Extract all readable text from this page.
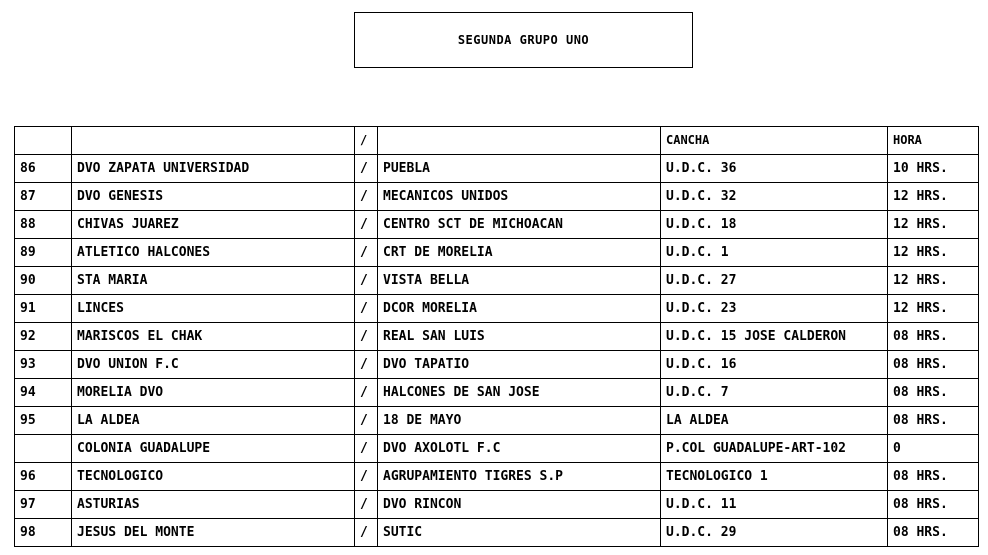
SEGUNDA GRUPO UNO
		/		CANCHA	HORA
86	DVO ZAPATA UNIVERSIDAD	/	PUEBLA	U.D.C. 36	10 HRS.
87	DVO GENESIS	/	MECANICOS UNIDOS	U.D.C. 32	12 HRS.
88	CHIVAS JUAREZ	/	CENTRO SCT DE MICHOACAN	U.D.C. 18	12 HRS.
89	ATLETICO HALCONES	/	CRT DE MORELIA	U.D.C. 1	12 HRS.
90	STA MARIA	/	VISTA BELLA	U.D.C. 27	12 HRS.
91	LINCES	/	DCOR MORELIA	U.D.C. 23	12 HRS.
92	MARISCOS EL CHAK	/	REAL SAN LUIS	U.D.C. 15 JOSE CALDERON	08 HRS.
93	DVO UNION F.C	/	DVO TAPATIO	U.D.C. 16	08 HRS.
94	MORELIA DVO	/	HALCONES DE SAN JOSE	U.D.C. 7	08 HRS.
95	LA ALDEA	/	18 DE MAYO	LA ALDEA	08 HRS.
	COLONIA GUADALUPE	/	DVO AXOLOTL F.C	P.COL GUADALUPE-ART-102	0
96	TECNOLOGICO	/	AGRUPAMIENTO TIGRES S.P	TECNOLOGICO 1	08 HRS.
97	ASTURIAS	/	DVO RINCON	U.D.C. 11	08 HRS.
98	JESUS DEL MONTE	/	SUTIC	U.D.C. 29	08 HRS.
